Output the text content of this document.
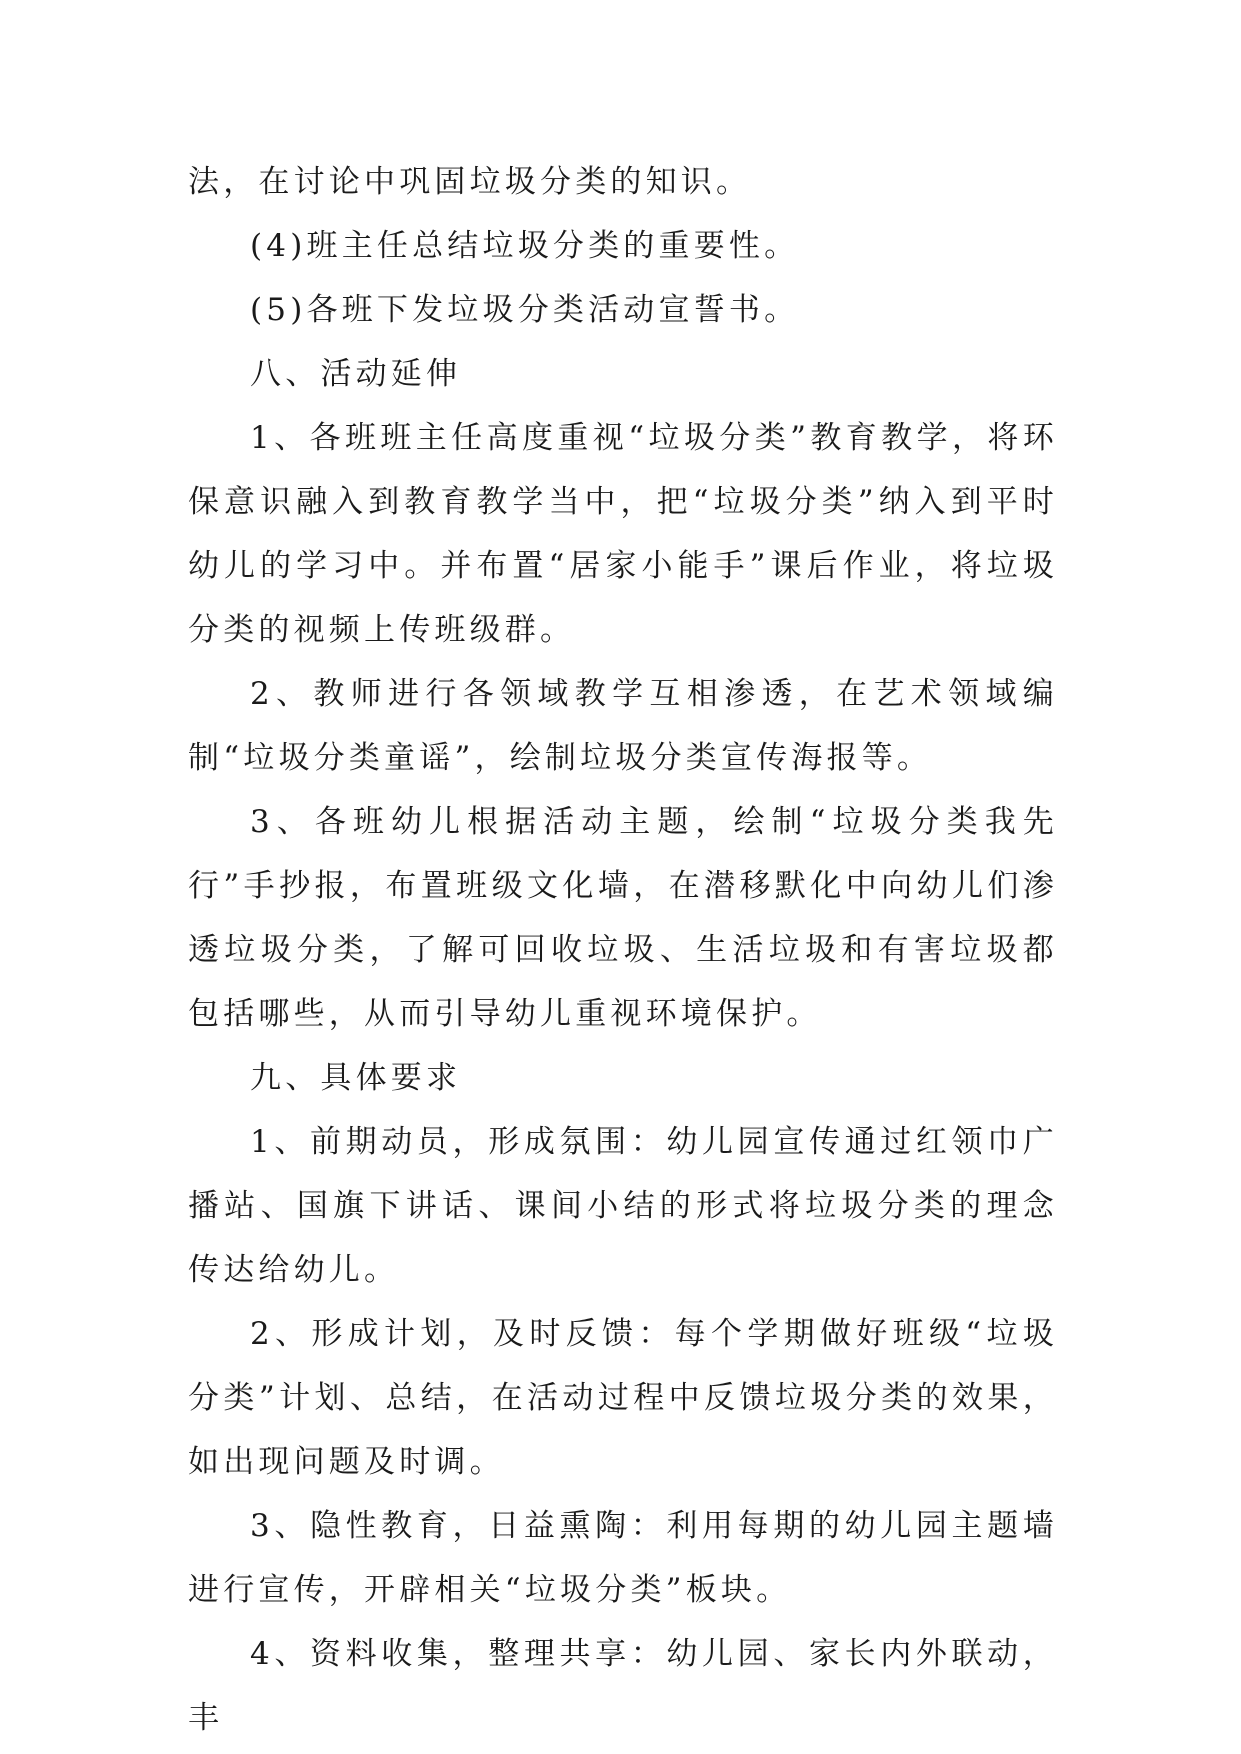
法，在讨论中巩固垃圾分类的知识。

(4)班主任总结垃圾分类的重要性。

(5)各班下发垃圾分类活动宣誓书。

八、活动延伸

1、各班班主任高度重视“垃圾分类”教育教学，将环保意识融入到教育教学当中，把“垃圾分类”纳入到平时幼儿的学习中。并布置“居家小能手”课后作业，将垃圾分类的视频上传班级群。

2、教师进行各领域教学互相渗透，在艺术领域编制“垃圾分类童谣”，绘制垃圾分类宣传海报等。

3、各班幼儿根据活动主题，绘制“垃圾分类我先行”手抄报，布置班级文化墙，在潜移默化中向幼儿们渗透垃圾分类，了解可回收垃圾、生活垃圾和有害垃圾都包括哪些，从而引导幼儿重视环境保护。

九、具体要求

1、前期动员，形成氛围：幼儿园宣传通过红领巾广播站、国旗下讲话、课间小结的形式将垃圾分类的理念传达给幼儿。

2、形成计划，及时反馈：每个学期做好班级“垃圾分类”计划、总结，在活动过程中反馈垃圾分类的效果，如出现问题及时调。

3、隐性教育，日益熏陶：利用每期的幼儿园主题墙进行宣传，开辟相关“垃圾分类”板块。

4、资料收集，整理共享：幼儿园、家长内外联动，丰
